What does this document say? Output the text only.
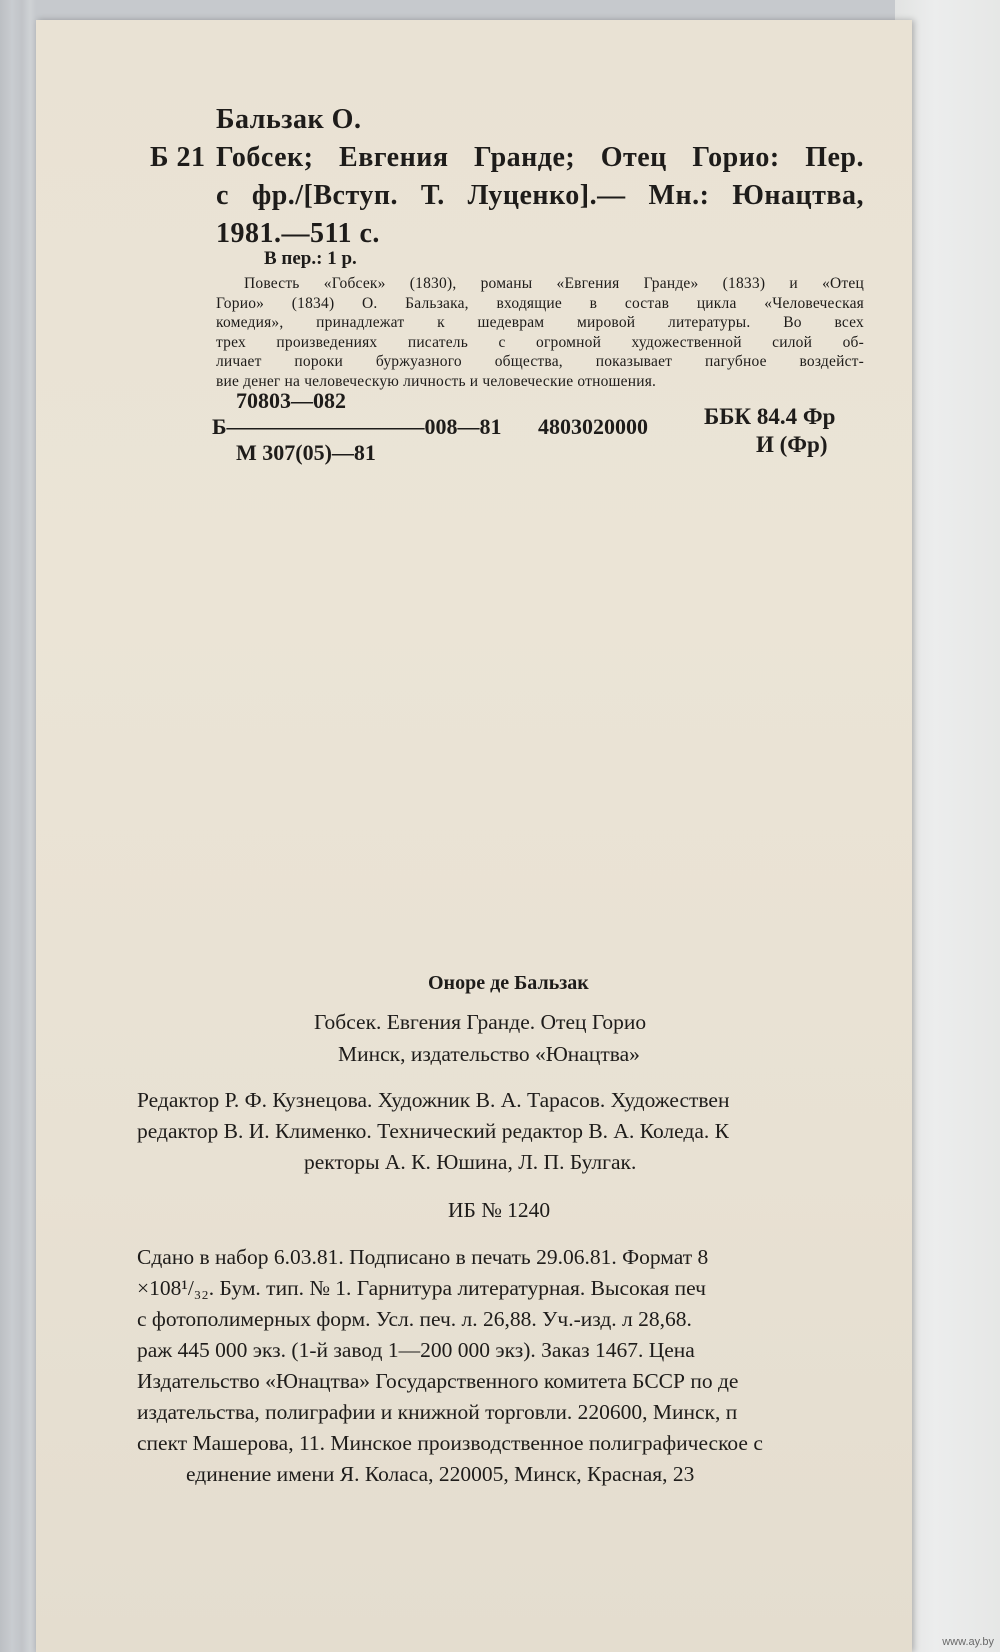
Бальзак О.
Б 21 Гобсек; Евгения Гранде; Отец Горио: Пер.
с фр./[Вступ. Т. Луценко].— Мн.: Юнацтва,
1981.—511 с.
В пер.: 1 р.
Повесть «Гобсек» (1830), романы «Евгения Гранде» (1833) и «Отец
Горио» (1834) О. Бальзака, входящие в состав цикла «Человеческая
комедия», принадлежат к шедеврам мировой литературы. Во всех
трех произведениях писатель с огромной художественной силой об-
личает пороки буржуазного общества, показывает пагубное воздейст-
вие денег на человеческую личность и человеческие отношения.
70803—082
Б—————————008—81 4803020000
М 307(05)—81
ББК 84.4 Фр
И (Фр)
Оноре де Бальзак
Гобсек. Евгения Гранде. Отец Горио
Минск, издательство «Юнацтва»
Редактор Р. Ф. Кузнецова. Художник В. А. Тарасов. Художествен
редактор В. И. Клименко. Технический редактор В. А. Коледа. К
ректоры А. К. Юшина, Л. П. Булгак.
ИБ № 1240
Сдано в набор 6.03.81. Подписано в печать 29.06.81. Формат 8
×108¹/₃₂. Бум. тип. № 1. Гарнитура литературная. Высокая печ
с фотополимерных форм. Усл. печ. л. 26,88. Уч.-изд. л 28,68.
раж 445 000 экз. (1-й завод 1—200 000 экз). Заказ 1467. Цена
Издательство «Юнацтва» Государственного комитета БССР по де
издательства, полиграфии и книжной торговли. 220600, Минск, п
спект Машерова, 11. Минское производственное полиграфическое с
единение имени Я. Коласа, 220005, Минск, Красная, 23
www.ay.by
